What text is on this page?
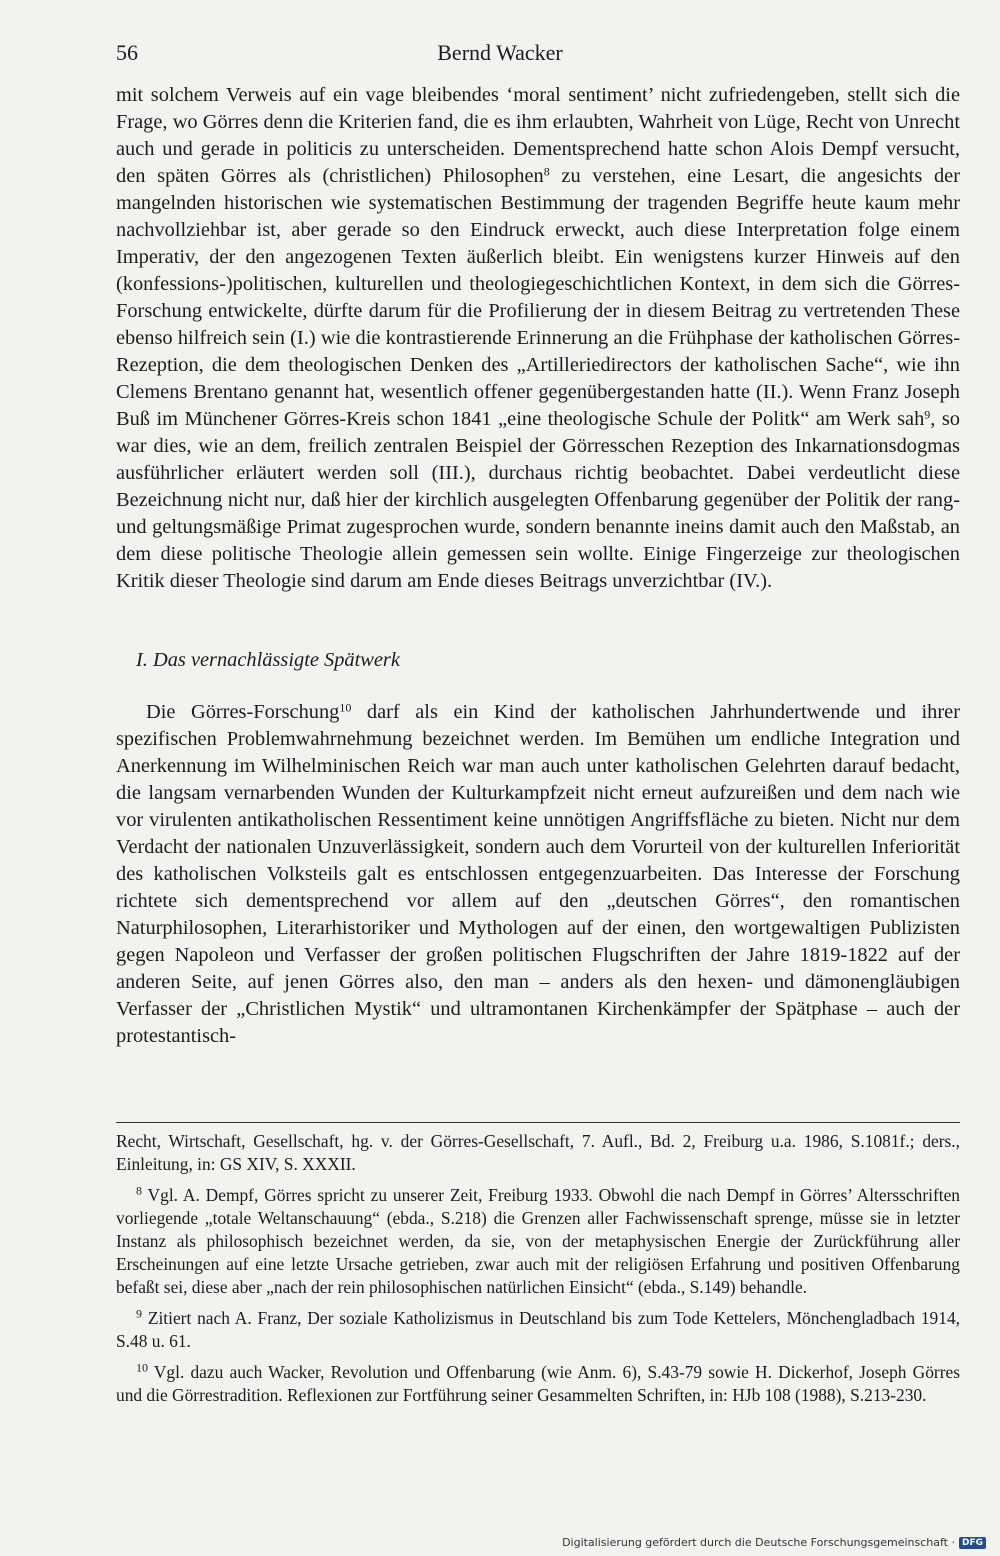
56	Bernd Wacker

mit solchem Verweis auf ein vage bleibendes ‘moral sentiment’ nicht zufriedengeben, stellt sich die Frage, wo Görres denn die Kriterien fand, die es ihm erlaubten, Wahrheit von Lüge, Recht von Unrecht auch und gerade in politicis zu unterscheiden. Dementsprechend hatte schon Alois Dempf versucht, den späten Görres als (christlichen) Philosophen$^8$ zu verstehen, eine Lesart, die angesichts der mangelnden historischen wie systematischen Bestimmung der tragenden Begriffe heute kaum mehr nachvollziehbar ist, aber gerade so den Eindruck erweckt, auch diese Interpretation folge einem Imperativ, der den angezogenen Texten äußerlich bleibt. Ein wenigstens kurzer Hinweis auf den (konfessions-)politischen, kulturellen und theologiegeschichtlichen Kontext, in dem sich die Görres-Forschung entwickelte, dürfte darum für die Profilierung der in diesem Beitrag zu vertretenden These ebenso hilfreich sein (I.) wie die kontrastierende Erinnerung an die Frühphase der katholischen Görres-Rezeption, die dem theologischen Denken des „Artilleriedirectors der katholischen Sache“, wie ihn Clemens Brentano genannt hat, wesentlich offener gegenübergestanden hatte (II.). Wenn Franz Joseph Buß im Münchener Görres-Kreis schon 1841 „eine theologische Schule der Politk“ am Werk sah$^9$, so war dies, wie an dem, freilich zentralen Beispiel der Görresschen Rezeption des Inkarnationsdogmas ausführlicher erläutert werden soll (III.), durchaus richtig beobachtet. Dabei verdeutlicht diese Bezeichnung nicht nur, daß hier der kirchlich ausgelegten Offenbarung gegenüber der Politik der rang- und geltungsmäßige Primat zugesprochen wurde, sondern benannte ineins damit auch den Maßstab, an dem diese politische Theologie allein gemessen sein wollte. Einige Fingerzeige zur theologischen Kritik dieser Theologie sind darum am Ende dieses Beitrags unverzichtbar (IV.).

I. Das vernachlässigte Spätwerk

Die Görres-Forschung$^{10}$ darf als ein Kind der katholischen Jahrhundertwende und ihrer spezifischen Problemwahrnehmung bezeichnet werden. Im Bemühen um endliche Integration und Anerkennung im Wilhelminischen Reich war man auch unter katholischen Gelehrten darauf bedacht, die langsam vernarbenden Wunden der Kulturkampfzeit nicht erneut aufzureißen und dem nach wie vor virulenten antikatholischen Ressentiment keine unnötigen Angriffsfläche zu bieten. Nicht nur dem Verdacht der nationalen Unzuverlässigkeit, sondern auch dem Vorurteil von der kulturellen Inferiorität des katholischen Volksteils galt es entschlossen entgegenzuarbeiten. Das Interesse der Forschung richtete sich dementsprechend vor allem auf den „deutschen Görres“, den romantischen Naturphilosophen, Literarhistoriker und Mythologen auf der einen, den wortgewaltigen Publizisten gegen Napoleon und Verfasser der großen politischen Flugschriften der Jahre 1819-1822 auf der anderen Seite, auf jenen Görres also, den man – anders als den hexen- und dämonengläubigen Verfasser der „Christlichen Mystik“ und ultramontanen Kirchenkämpfer der Spätphase – auch der protestantisch-

Recht, Wirtschaft, Gesellschaft, hg. v. der Görres-Gesellschaft, 7. Aufl., Bd. 2, Freiburg u.a. 1986, S.1081f.; ders., Einleitung, in: GS XIV, S. XXXII.

$^8$ Vgl. A. Dempf, Görres spricht zu unserer Zeit, Freiburg 1933. Obwohl die nach Dempf in Görres’ Altersschriften vorliegende „totale Weltanschauung“ (ebda., S.218) die Grenzen aller Fachwissenschaft sprenge, müsse sie in letzter Instanz als philosophisch bezeichnet werden, da sie, von der metaphysischen Energie der Zurückführung aller Erscheinungen auf eine letzte Ursache getrieben, zwar auch mit der religiösen Erfahrung und positiven Offenbarung befaßt sei, diese aber „nach der rein philosophischen natürlichen Einsicht“ (ebda., S.149) behandle.

$^9$ Zitiert nach A. Franz, Der soziale Katholizismus in Deutschland bis zum Tode Kettelers, Mönchengladbach 1914, S.48 u. 61.

$^{10}$ Vgl. dazu auch Wacker, Revolution und Offenbarung (wie Anm. 6), S.43-79 sowie H. Dickerhof, Joseph Görres und die Görrestradition. Reflexionen zur Fortführung seiner Gesammelten Schriften, in: HJb 108 (1988), S.213-230.

Digitalisierung gefördert durch die Deutsche Forschungsgemeinschaft · DFG
